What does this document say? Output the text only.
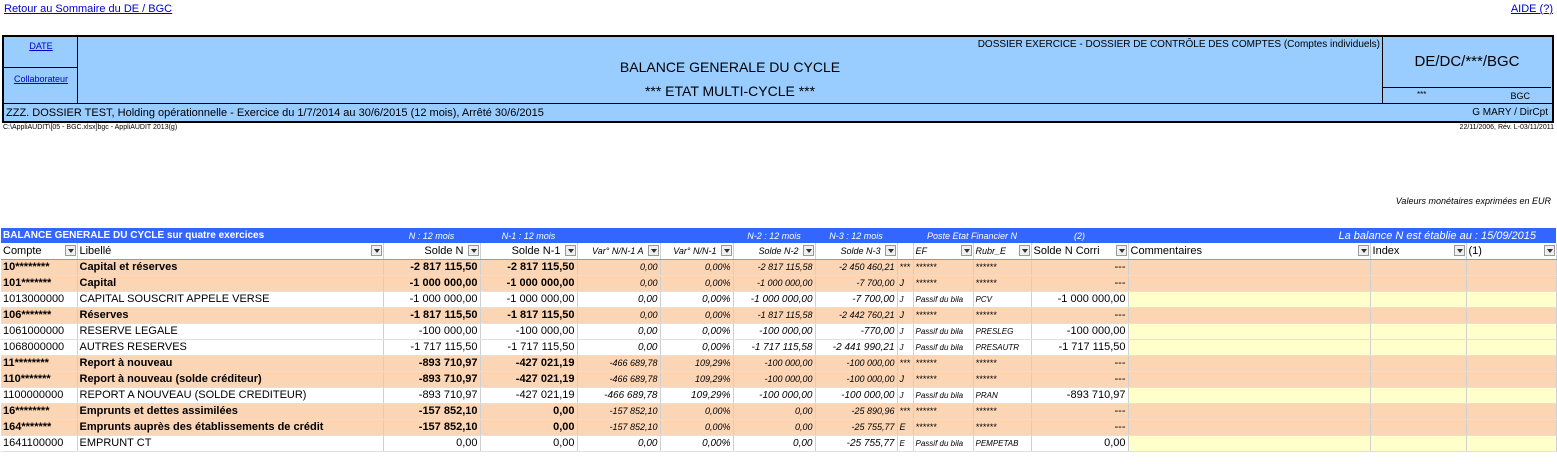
Retour au Sommaire du DE / BGC	AIDE (?)
DATE
Collaborateur
DOSSIER EXERCICE - DOSSIER DE CONTRÔLE DES COMPTES (Comptes individuels)
BALANCE GENERALE DU CYCLE
*** ETAT MULTI-CYCLE ***
DE/DC/***/BGC
***	BGC
ZZZ. DOSSIER TEST, Holding opérationnelle - Exercice du 1/7/2014 au 30/6/2015 (12 mois), Arrêté 30/6/2015	G MARY / DirCpt
C:\AppliAUDIT\[05 - BGC.xlsx]bgc - AppliAUDIT 2013(g)	22/11/2006, Rév. L-03/11/2011
Valeurs monétaires exprimées en EUR
BALANCE GENERALE DU CYCLE sur quatre exercices		N : 12 mois	N-1 : 12 mois			N-2 : 12 mois	N-3 : 12 mois		Poste Etat Financier N		(2)	La balance N est établie au : 15/09/2015		
Compte	Libellé	Solde N	Solde N-1	Var° N/N-1 A	Var° N/N-1	Solde N-2	Solde N-3		EF	Rubr_E	Solde N Corri	Commentaires	Index	(1)

10********	Capital et réserves	-2 817 115,50	-2 817 115,50	0,00	0,00%	-2 817 115,58	-2 450 460,21	***	******	******	---			
101*******	Capital	-1 000 000,00	-1 000 000,00	0,00	0,00%	-1 000 000,00	-7 700,00	J	******	******	---			
1013000000	CAPITAL SOUSCRIT APPELE VERSE	-1 000 000,00	-1 000 000,00	0,00	0,00%	-1 000 000,00	-7 700,00	J	Passif du bila	PCV	-1 000 000,00			
106*******	Réserves	-1 817 115,50	-1 817 115,50	0,00	0,00%	-1 817 115,58	-2 442 760,21	J	******	******	---			
1061000000	RESERVE LEGALE	-100 000,00	-100 000,00	0,00	0,00%	-100 000,00	-770,00	J	Passif du bila	PRESLEG	-100 000,00			
1068000000	AUTRES RESERVES	-1 717 115,50	-1 717 115,50	0,00	0,00%	-1 717 115,58	-2 441 990,21	J	Passif du bila	PRESAUTR	-1 717 115,50			
11********	Report à nouveau	-893 710,97	-427 021,19	-466 689,78	109,29%	-100 000,00	-100 000,00	***	******	******	---			
110*******	Report à nouveau (solde créditeur)	-893 710,97	-427 021,19	-466 689,78	109,29%	-100 000,00	-100 000,00	J	******	******	---			
1100000000	REPORT A NOUVEAU (SOLDE CREDITEUR)	-893 710,97	-427 021,19	-466 689,78	109,29%	-100 000,00	-100 000,00	J	Passif du bila	PRAN	-893 710,97			
16********	Emprunts et dettes assimilées	-157 852,10	0,00	-157 852,10	0,00%	0,00	-25 890,96	***	******	******	---			
164*******	Emprunts auprès des établissements de crédit	-157 852,10	0,00	-157 852,10	0,00%	0,00	-25 755,77	E	******	******	---			
1641100000	EMPRUNT CT	0,00	0,00	0,00	0,00%	0,00	-25 755,77	E	Passif du bila	PEMPETAB	0,00			
